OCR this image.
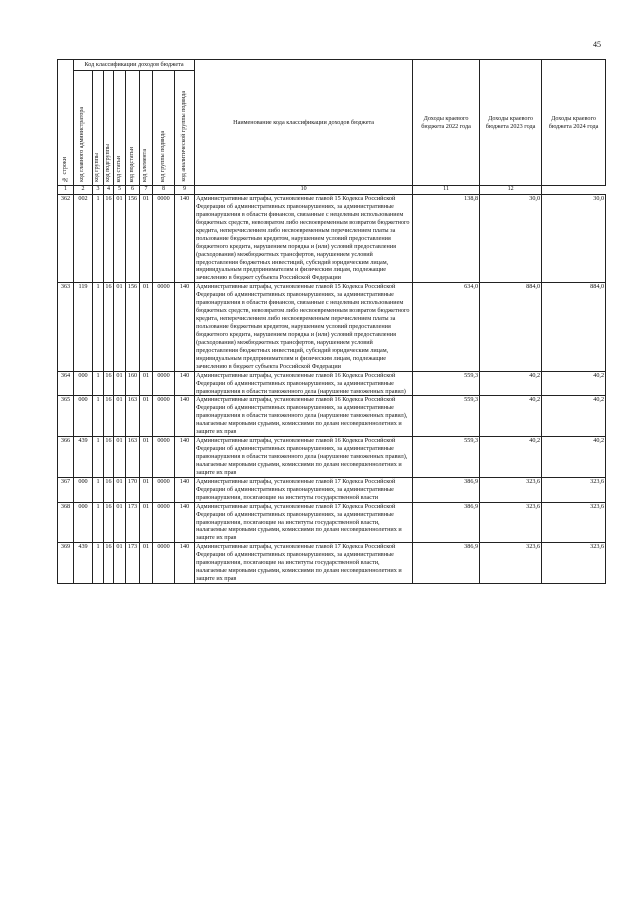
45
№ строки	Код классификации доходов бюджета								Наименование кода классификации доходов бюджета	Доходы краевого бюджета 2022 года	Доходы краевого бюджета 2023 года	Доходы краевого бюджета 2024 года
	код главного администратора	код группы	код подгруппы	код статьи	код подстатьи	код элемента	код группы подвида	код аналитической группы подвида				
1	2	3	4	5	6	7	8	9	10	11	12	
362	002	1	16	01	156	01	0000	140	Административные штрафы, установленные главой 15 Кодекса Российской Федерации об административных правонарушениях, за административные правонарушения в области финансов, связанные с нецелевым использованием бюджетных средств, невозвратом либо несвоевременным возвратом бюджетного кредита, неперечислением либо несвоевременным перечислением платы за пользование бюджетным кредитом, нарушением условий предоставления бюджетного кредита, нарушением порядка и (или) условий предоставления (расходования) межбюджетных трансфертов, нарушением условий предоставления бюджетных инвестиций, субсидий юридическим лицам, индивидуальным предпринимателям и физическим лицам, подлежащие зачислению в бюджет субъекта Российской Федерации	138,8	30,0	30,0
363	119	1	16	01	156	01	0000	140	Административные штрафы, установленные главой 15 Кодекса Российской Федерации об административных правонарушениях, за административные правонарушения в области финансов, связанные с нецелевым использованием бюджетных средств, невозвратом либо несвоевременным возвратом бюджетного кредита, неперечислением либо несвоевременным перечислением платы за пользование бюджетным кредитом, нарушением условий предоставления бюджетного кредита, нарушением порядка и (или) условий предоставления (расходования) межбюджетных трансфертов, нарушением условий предоставления бюджетных инвестиций, субсидий юридическим лицам, индивидуальным предпринимателям и физическим лицам, подлежащие зачислению в бюджет субъекта Российской Федерации	634,0	884,0	884,0
364	000	1	16	01	160	01	0000	140	Административные штрафы, установленные главой 16 Кодекса Российской Федерации об административных правонарушениях, за административные правонарушения в области таможенного дела (нарушение таможенных правил)	559,3	40,2	40,2
365	000	1	16	01	163	01	0000	140	Административные штрафы, установленные главой 16 Кодекса Российской Федерации об административных правонарушениях, за административные правонарушения в области таможенного дела (нарушение таможенных правил), налагаемые мировыми судьями, комиссиями по делам несовершеннолетних и защите их прав	559,3	40,2	40,2
366	439	1	16	01	163	01	0000	140	Административные штрафы, установленные главой 16 Кодекса Российской Федерации об административных правонарушениях, за административные правонарушения в области таможенного дела (нарушение таможенных правил), налагаемые мировыми судьями, комиссиями по делам несовершеннолетних и защите их прав	559,3	40,2	40,2
367	000	1	16	01	170	01	0000	140	Административные штрафы, установленные главой 17 Кодекса Российской Федерации об административных правонарушениях, за административные правонарушения, посягающие на институты государственной власти	386,9	323,6	323,6
368	000	1	16	01	173	01	0000	140	Административные штрафы, установленные главой 17 Кодекса Российской Федерации об административных правонарушениях, за административные правонарушения, посягающие на институты государственной власти, налагаемые мировыми судьями, комиссиями по делам несовершеннолетних и защите их прав	386,9	323,6	323,6
369	439	1	16	01	173	01	0000	140	Административные штрафы, установленные главой 17 Кодекса Российской Федерации об административных правонарушениях, за административные правонарушения, посягающие на институты государственной власти, налагаемые мировыми судьями, комиссиями по делам несовершеннолетних и защите их прав	386,9	323,6	323,6
